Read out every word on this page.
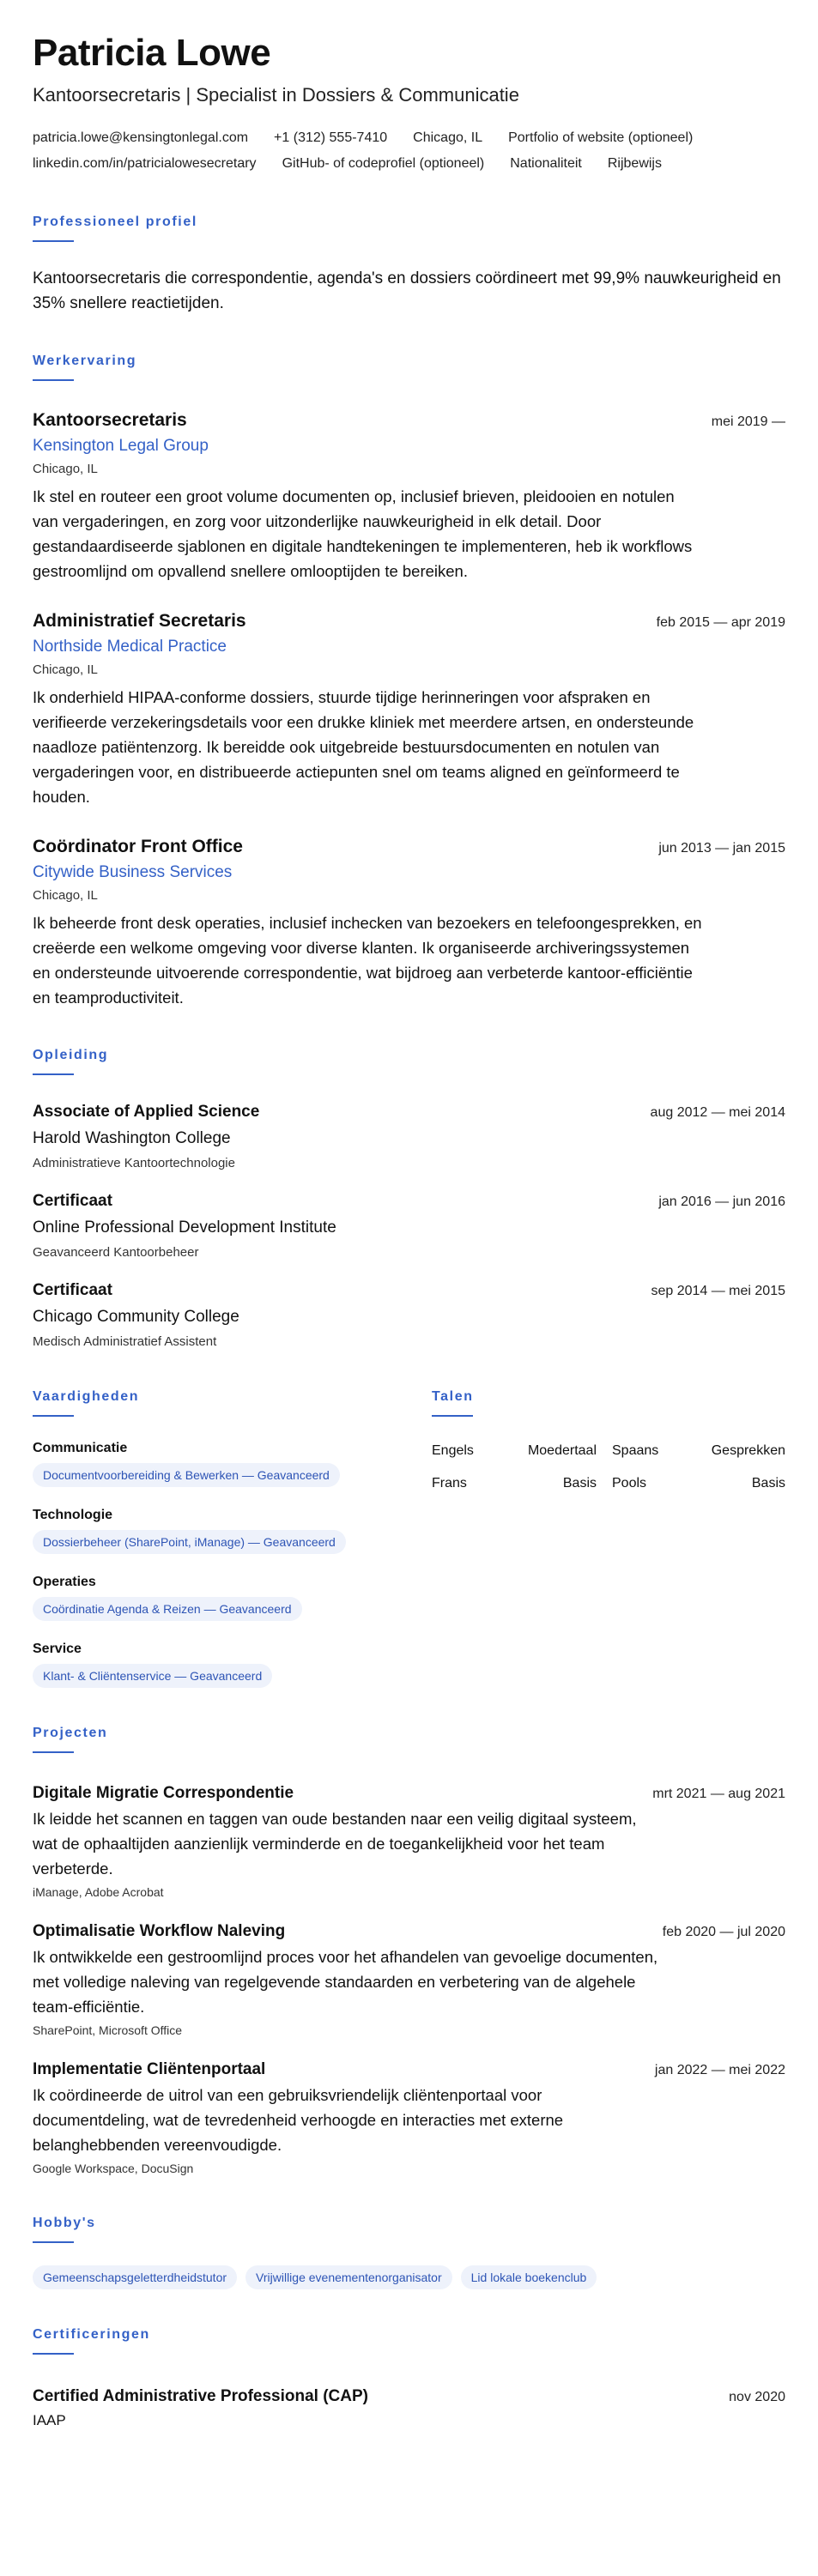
Patricia Lowe
Kantoorsecretaris | Specialist in Dossiers & Communicatie
patricia.lowe@kensingtonlegal.com +1 (312) 555-7410 Chicago, IL Portfolio of website (optioneel)
linkedin.com/in/patricialowesecretary GitHub- of codeprofiel (optioneel) Nationaliteit Rijbewijs
Professioneel profiel
Kantoorsecretaris die correspondentie, agenda's en dossiers coördineert met 99,9% nauwkeurigheid en 35% snellere reactietijden.
Werkervaring
Kantoorsecretaris	mei 2019 —
Kensington Legal Group
Chicago, IL
Ik stel en routeer een groot volume documenten op, inclusief brieven, pleidooien en notulen van vergaderingen, en zorg voor uitzonderlijke nauwkeurigheid in elk detail. Door gestandaardiseerde sjablonen en digitale handtekeningen te implementeren, heb ik workflows gestroomlijnd om opvallend snellere omlooptijden te bereiken.
Administratief Secretaris	feb 2015 — apr 2019
Northside Medical Practice
Chicago, IL
Ik onderhield HIPAA-conforme dossiers, stuurde tijdige herinneringen voor afspraken en verifieerde verzekeringsdetails voor een drukke kliniek met meerdere artsen, en ondersteunde naadloze patiëntenzorg. Ik bereidde ook uitgebreide bestuursdocumenten en notulen van vergaderingen voor, en distribueerde actiepunten snel om teams aligned en geïnformeerd te houden.
Coördinator Front Office	jun 2013 — jan 2015
Citywide Business Services
Chicago, IL
Ik beheerde front desk operaties, inclusief inchecken van bezoekers en telefoongesprekken, en creëerde een welkome omgeving voor diverse klanten. Ik organiseerde archiveringssystemen en ondersteunde uitvoerende correspondentie, wat bijdroeg aan verbeterde kantoor-efficiëntie en teamproductiviteit.
Opleiding
Associate of Applied Science	aug 2012 — mei 2014
Harold Washington College
Administratieve Kantoortechnologie
Certificaat	jan 2016 — jun 2016
Online Professional Development Institute
Geavanceerd Kantoorbeheer
Certificaat	sep 2014 — mei 2015
Chicago Community College
Medisch Administratief Assistent
Vaardigheden
Communicatie
Documentvoorbereiding & Bewerken — Geavanceerd
Technologie
Dossierbeheer (SharePoint, iManage) — Geavanceerd
Operaties
Coördinatie Agenda & Reizen — Geavanceerd
Service
Klant- & Cliëntenservice — Geavanceerd
Talen
Engels	Moedertaal Spaans	Gesprekken
Frans	Basis Pools	Basis
Projecten
Digitale Migratie Correspondentie	mrt 2021 — aug 2021
Ik leidde het scannen en taggen van oude bestanden naar een veilig digitaal systeem, wat de ophaaltijden aanzienlijk verminderde en de toegankelijkheid voor het team verbeterde.
iManage, Adobe Acrobat
Optimalisatie Workflow Naleving	feb 2020 — jul 2020
Ik ontwikkelde een gestroomlijnd proces voor het afhandelen van gevoelige documenten, met volledige naleving van regelgevende standaarden en verbetering van de algehele team-efficiëntie.
SharePoint, Microsoft Office
Implementatie Cliëntenportaal	jan 2022 — mei 2022
Ik coördineerde de uitrol van een gebruiksvriendelijk cliëntenportaal voor documentdeling, wat de tevredenheid verhoogde en interacties met externe belanghebbenden vereenvoudigde.
Google Workspace, DocuSign
Hobby's
Gemeenschapsgeletterdheidstutor	Vrijwillige evenementenorganisator	Lid lokale boekenclub
Certificeringen
Certified Administrative Professional (CAP)	nov 2020
IAAP
